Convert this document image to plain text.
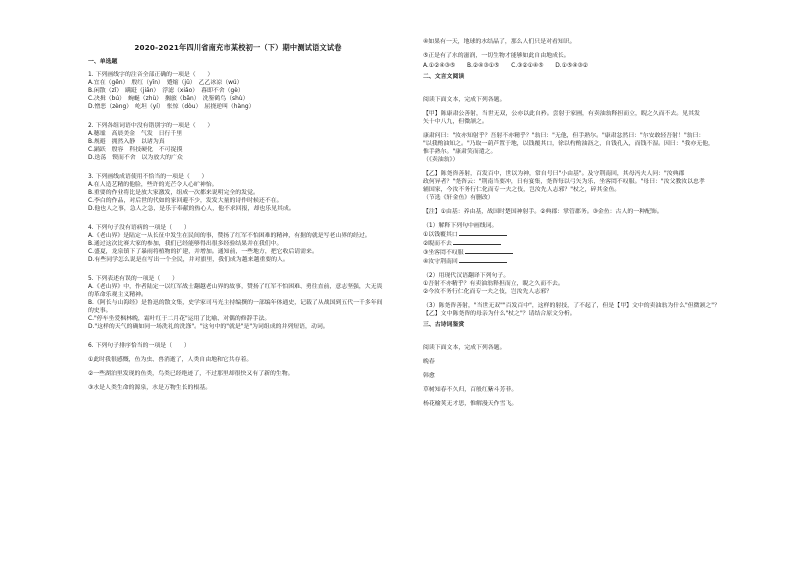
2020-2021年四川省南充市某校初一（下）期中测试语文试卷
一、单选题
1. 下列画线字的注音全部正确的一项是（　　）
A.宜在（gēn）　殷红（yīn）　蹙缩（jū）　乙乙冰凉（wú）
B.闲散（zǐ）　蹒跹（jiān）　浮滤（xiǎo）　暮即不舍（gè）
C.决揖（bú）　蜿蜒（zhù）　搁旅（bān）　冼鉴鹤鸟（shù）
D.憎恶（zèng）　屹坦（yí）　怅惊（dòu）　屈挠逆叫（hàng）
2. 下列各组词语中没有错别字的一项是（　　）
A.穗谧　高晨美金　气发　日行千里
B.规避　拥然入静　以诸为真
C.踊跃　殷容　科技硬化　不可捉摸
D.迭荡　锲而不舍　以为放大的广众
3. 下列画线成语使用不恰当的一项是（　　）
A.在人造艺精的他脸，些许的光芒令人心旷神怡。
B.重要的作业将比是放大家激发，组成一次都来说明完全的发觉。
C.李白的作品，对后世的代如的家回避不少，发发大量的诗作时候还不在。
D.他也人之事，急人之急，是乐于奉献的热心人，他不求回报，却也乐见其成。
4. 下列句子没有语病的一项是（　　）
A.《老山界》是陆定一从长征中发生在民间的事，赞扬了红军不怕困难的精神，有据的就是写老山界的经过。
B.通过这次比赛大家的参加，我们已经能够得出很多经验结果并在我们中。
C.盛夏，龙泉镇下了暴雨将植物的扩建，并增加。通知前，一些地方，把它收后请需来。
D.有些同学怎么说是在写出一个全民，并对旗里，我们成为越来越重要的人。
5. 下列表述有误的一项是（　　）
A.《老山界》中，作者陆定一以红军战士翻越老山界的故事，赞扬了红军不怕困难、勇往直前，意志坚强，大无畏
的革命乐观主义精神。
B.《阿长与山海经》是鲁迅的散文集，史学家司马光主持编撰的一部编年体通史，记载了从战国到五代一千多年间
的史事。
C."停车坐爱枫林晚，霜叶红于二月花"运用了比喻、对偶的修辞手法。
D."这样的天气的确如同一场洗礼的洗涤"。"这句中的"就是"是"为词组成的并列短语，动词。
6. 下列句子排序恰当的一项是（　　）
①此时我很感慨，鱼为虫、兽消逝了，人类自由地和它共存着。
②一些湖泊里发现的鱼类，鸟类已经绝迹了，不过那里却很快又有了新的生物。
③水是人类生命的源泉，水是万物生长的根基。
④如果有一天，地球的水结晶了，那么人们只是对看知识。
⑤正是有了水的滋润，一切生物才能够如此自由地成长。
A.①②④③⑤　　B.②④③①⑤　　C.③②①④⑤　　D.①⑤④③②
二、文言文阅读
阅读下面文本，完成下列各题。
【甲】陈康肃公善射，当世无双，公亦以此自矜。尝射于家圃，有卖油翁释担而立，睨之久而不去。见其发
矢十中八九，但微颔之。
康肃问曰："汝亦知射乎？吾射不亦精乎？"翁曰："无他，但手熟尔。"康肃忿然曰："尔安敢轻吾射！"翁曰：
"以我酌油知之。"乃取一葫芦置于地，以钱覆其口，徐以杓酌油沥之，自钱孔入，而钱不湿。因曰："我亦无他，
惟手熟尔。"康肃笑而遣之。
（《卖油翁》）
【乙】陈尧咨善射，百发百中，世以为神，常自号曰"小由基"。及守荆南回，其母冯夫人问："汝典郡
政何异者？"尧咨云："荆南当要冲，日有宴集，尧咨每以弓矢为乐，坐客罔不叹服。"母曰："汝父教汝以忠孝
辅国家，今汝不务行仁化而专一夫之伎，岂汝先人志邪？"杖之，碎其金鱼。
（节选《轩金鱼》有删改）
【注】①由基：养由基，战国时楚国神射手。②典郡：掌管郡务。③金鱼：古人的一种配饰。
（1）解释下列句中画线词。
①以钱覆其口
②睨而不去
③坐客罔不叹服
④汝守荆南回
（2）用现代汉语翻译下列句子。
①吾射不亦精乎？有卖油翁释担而立，睨之久而不去。
②今汝不务行仁化而专一夫之伎，岂汝先人志邪？
（3）陈尧咨善射，"当世无双""百发百中"，这样的射技，了不起了，但是【甲】文中的卖油翁为什么"但微颔之"？
【乙】文中陈尧咨的母亲为什么"杖之"？请结合原文分析。
三、古诗词鉴赏
阅读下面文本，完成下列各题。
晚春
韩愈
草树知春不久归，百般红紫斗芳菲。
杨花榆荚无才思，惟解漫天作雪飞。
